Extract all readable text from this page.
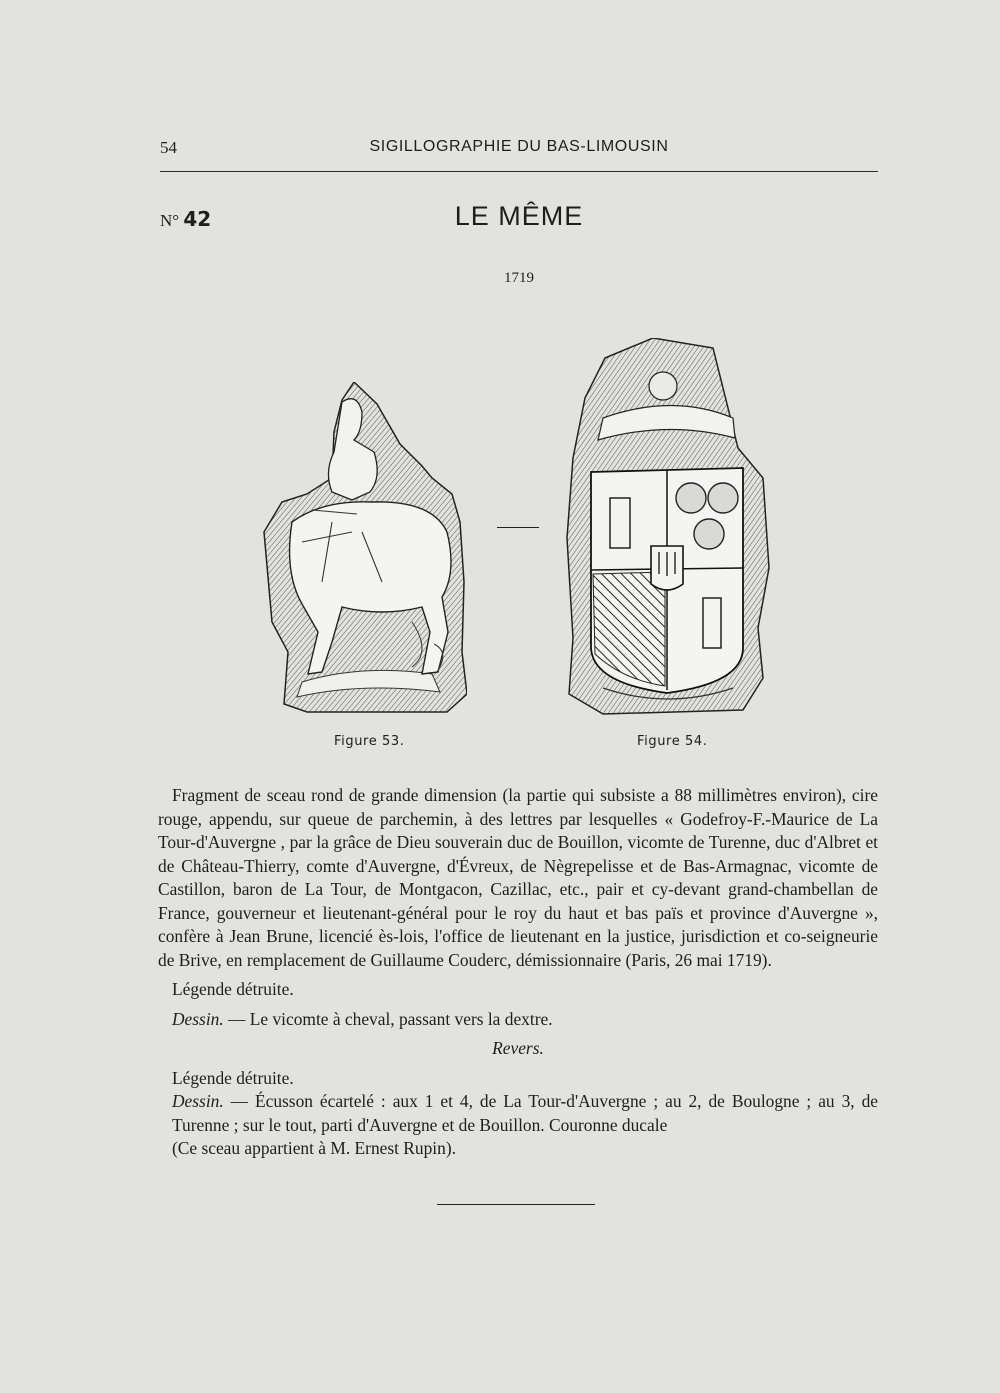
54	SIGILLOGRAPHIE DU BAS-LIMOUSIN
N° 42	LE MÊME
1719
Figure 53.	Figure 54.

Fragment de sceau rond de grande dimension (la partie qui subsiste a 88 millimètres environ), cire rouge, appendu, sur queue de parchemin, à des lettres par lesquelles « Godefroy-F.-Maurice de La Tour-d'Auvergne , par la grâce de Dieu souverain duc de Bouillon, vicomte de Turenne, duc d'Albret et de Château-Thierry, comte d'Auvergne, d'Évreux, de Nègrepelisse et de Bas-Armagnac, vicomte de Castillon, baron de La Tour, de Montgacon, Cazillac, etc., pair et cy-devant grand-chambellan de France, gouverneur et lieutenant-général pour le roy du haut et bas païs et province d'Auvergne », confère à Jean Brune, licencié ès-lois, l'office de lieutenant en la justice, jurisdiction et co-seigneurie de Brive, en remplacement de Guillaume Couderc, démissionnaire (Paris, 26 mai 1719).

Légende détruite.

Dessin. — Le vicomte à cheval, passant vers la dextre.

Revers.

Légende détruite.

Dessin. — Écusson écartelé : aux 1 et 4, de La Tour-d'Auvergne ; au 2, de Boulogne ; au 3, de Turenne ; sur le tout, parti d'Auvergne et de Bouillon. Couronne ducale

(Ce sceau appartient à M. Ernest Rupin).
